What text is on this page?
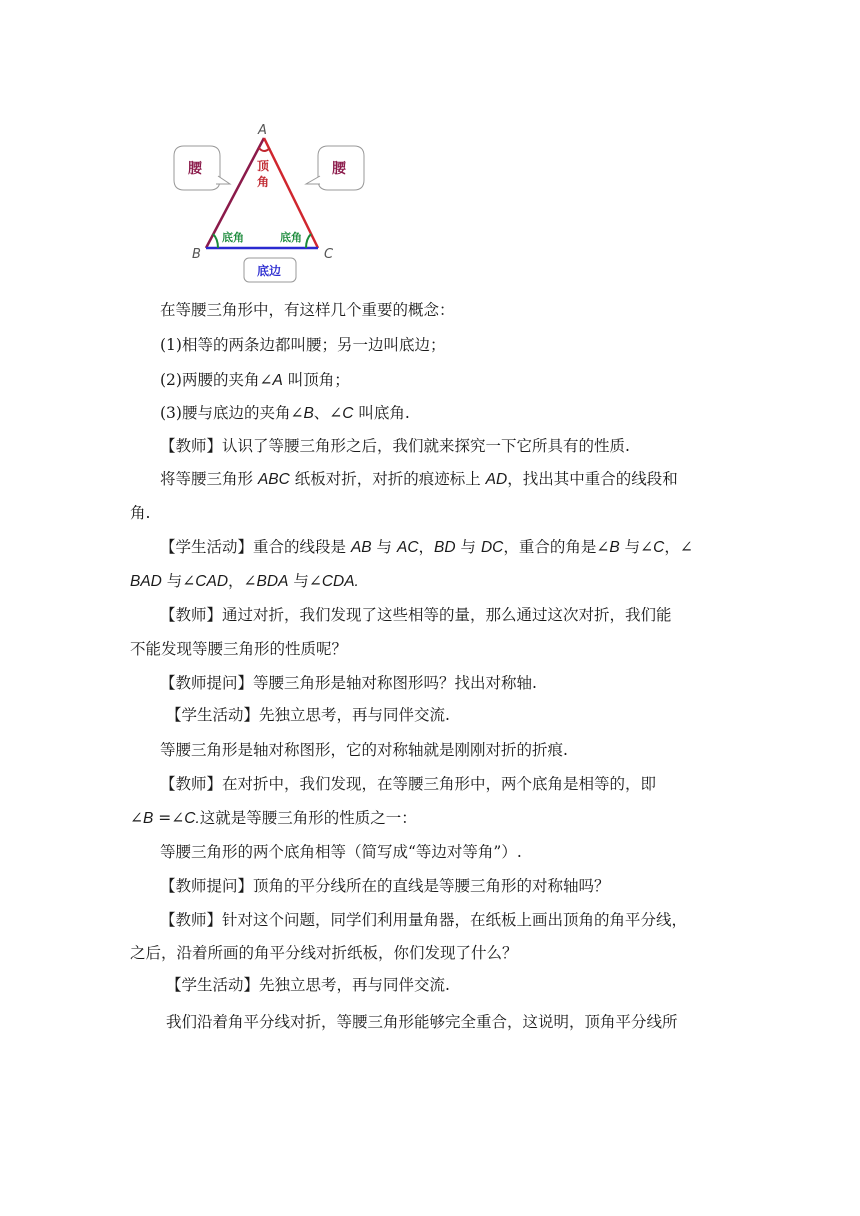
A
B	C
腰	腰
顶
角
底角	底角
底边
在等腰三角形中，有这样几个重要的概念：
(1)相等的两条边都叫腰；另一边叫底边；
(2)两腰的夹角∠A 叫顶角；
(3)腰与底边的夹角∠B、∠C 叫底角.
【教师】认识了等腰三角形之后，我们就来探究一下它所具有的性质.
将等腰三角形 ABC 纸板对折，对折的痕迹标上 AD，找出其中重合的线段和
角.
【学生活动】重合的线段是 AB 与 AC，BD 与 DC，重合的角是∠B 与∠C，∠
BAD 与∠CAD，∠BDA 与∠CDA.
【教师】通过对折，我们发现了这些相等的量，那么通过这次对折，我们能
不能发现等腰三角形的性质呢？
【教师提问】等腰三角形是轴对称图形吗？找出对称轴.
【学生活动】先独立思考，再与同伴交流.
等腰三角形是轴对称图形，它的对称轴就是刚刚对折的折痕.
【教师】在对折中，我们发现，在等腰三角形中，两个底角是相等的，即
∠B =∠C.这就是等腰三角形的性质之一：
等腰三角形的两个底角相等（简写成“等边对等角”）.
【教师提问】顶角的平分线所在的直线是等腰三角形的对称轴吗？
【教师】针对这个问题，同学们利用量角器，在纸板上画出顶角的角平分线，
之后，沿着所画的角平分线对折纸板，你们发现了什么？
【学生活动】先独立思考，再与同伴交流.
我们沿着角平分线对折，等腰三角形能够完全重合，这说明，顶角平分线所
